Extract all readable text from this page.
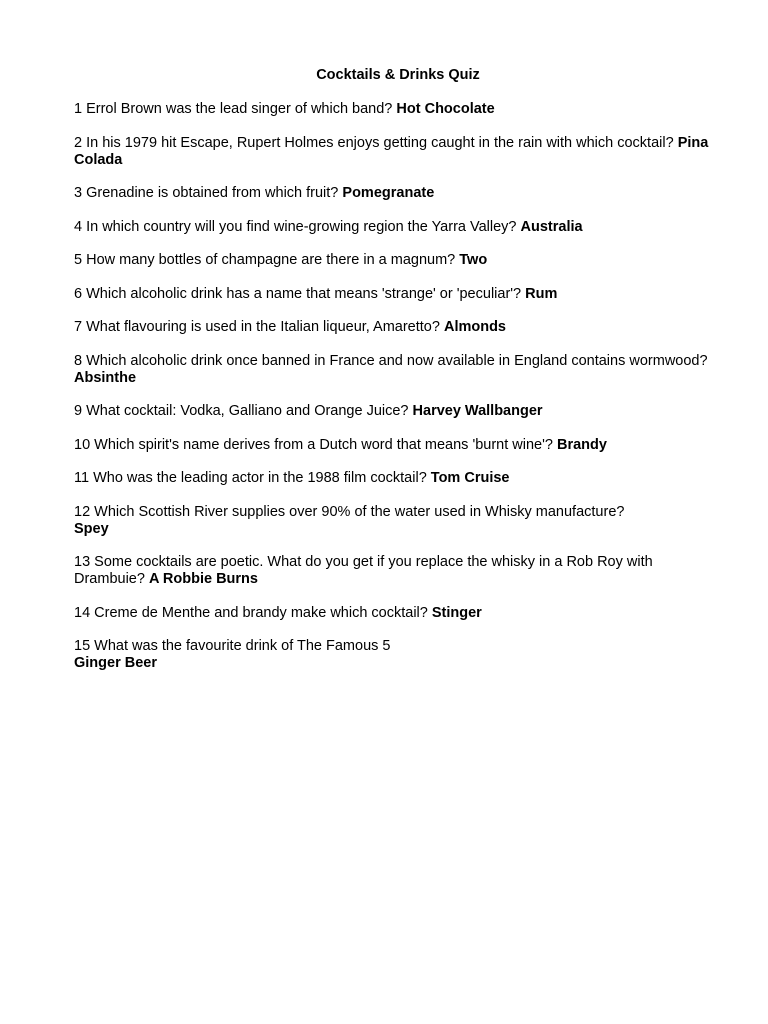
Cocktails & Drinks Quiz
1 Errol Brown was the lead singer of which band? Hot Chocolate
2 In his 1979 hit Escape, Rupert Holmes enjoys getting caught in the rain with which cocktail? Pina Colada
3 Grenadine is obtained from which fruit? Pomegranate
4 In which country will you find wine-growing region the Yarra Valley? Australia
5 How many bottles of champagne are there in a magnum? Two
6 Which alcoholic drink has a name that means 'strange' or 'peculiar'? Rum
7 What flavouring is used in the Italian liqueur, Amaretto? Almonds
8 Which alcoholic drink once banned in France and now available in England contains wormwood?Absinthe
9 What cocktail: Vodka, Galliano and Orange Juice? Harvey Wallbanger
10 Which spirit's name derives from a Dutch word that means 'burnt wine'? Brandy
11 Who was the leading actor in the 1988 film cocktail? Tom Cruise
12 Which Scottish River supplies over 90% of the water used in Whisky manufacture?
Spey
13 Some cocktails are poetic. What do you get if you replace the whisky in a Rob Roy with Drambuie? A Robbie Burns
14 Creme de Menthe and brandy make which cocktail? Stinger
15 What was the favourite drink of The Famous 5
Ginger Beer
